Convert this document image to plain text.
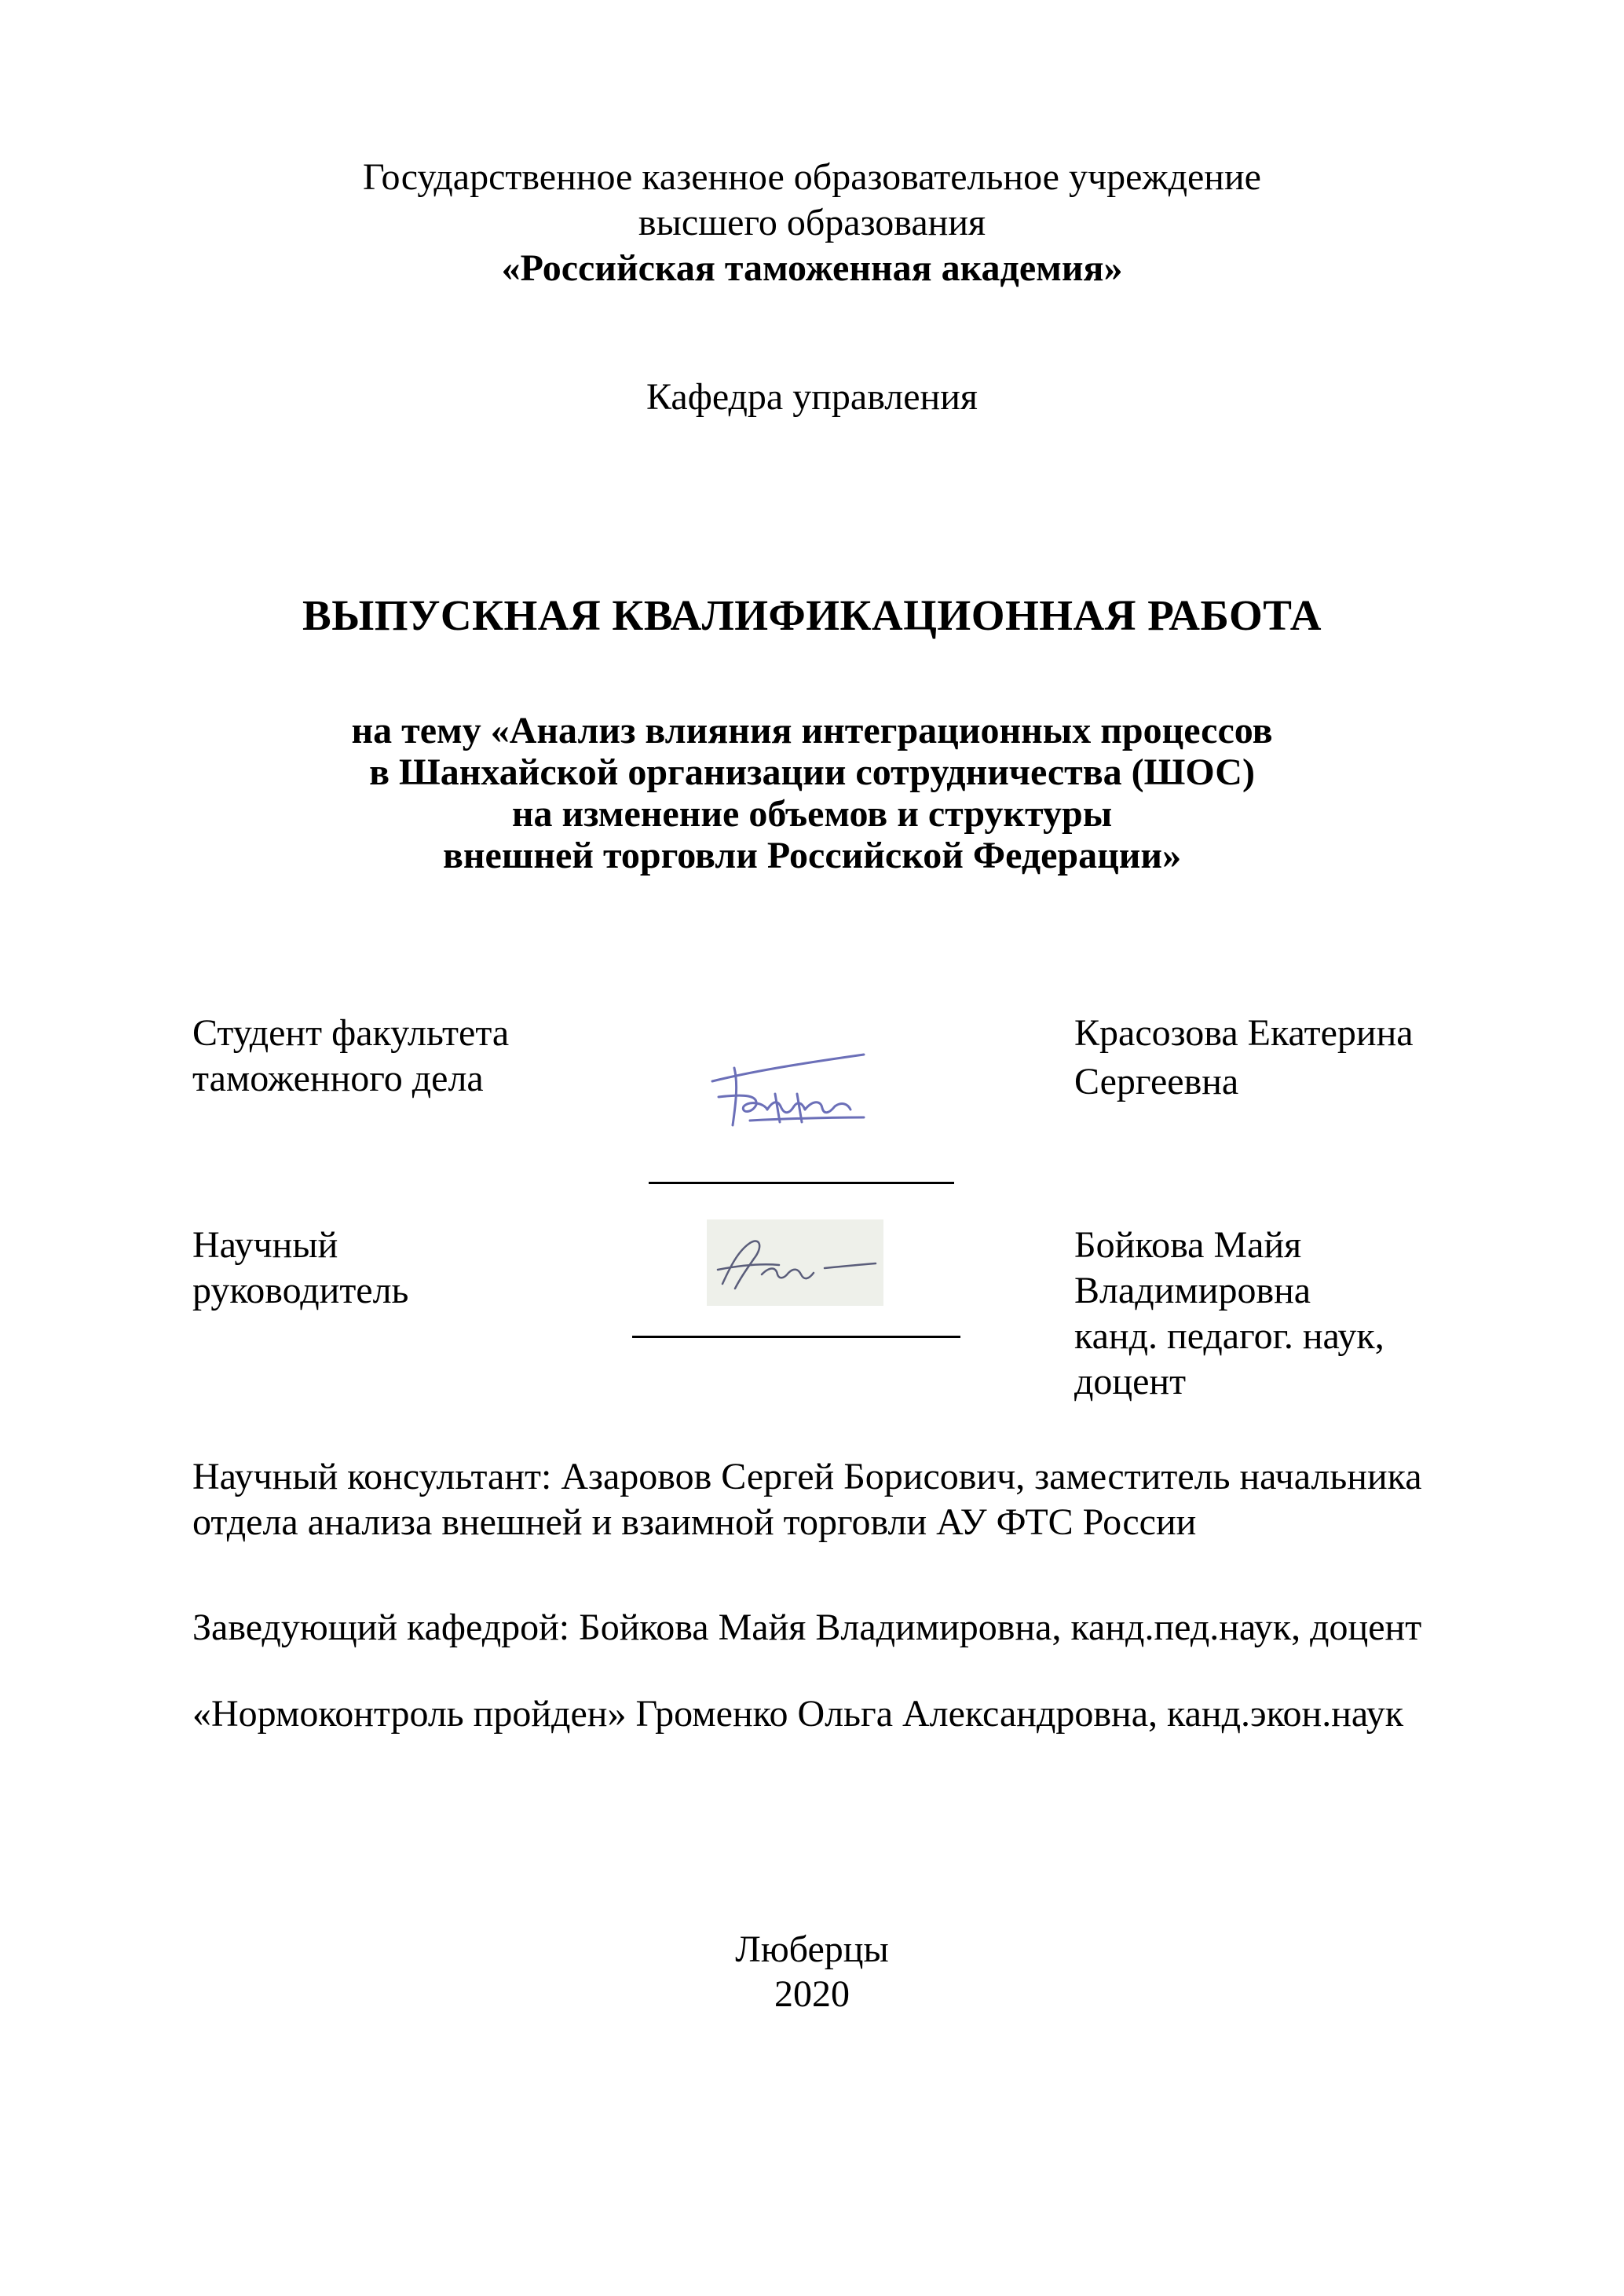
Государственное казенное образовательное учреждение
высшего образования
«Российская таможенная академия»
Кафедра управления
ВЫПУСКНАЯ КВАЛИФИКАЦИОННАЯ РАБОТА
на тему «Анализ влияния интеграционных процессов
в Шанхайской организации сотрудничества (ШОС)
на изменение объемов и структуры
внешней торговли Российской Федерации»
Студент факультета
таможенного дела
Красозова Екатерина
Сергеевна
Научный
руководитель
Бойкова Майя
Владимировна
канд. педагог. наук,
доцент
Научный консультант: Азаровов Сергей Борисович, заместитель начальника отдела анализа внешней и взаимной торговли АУ ФТС России
Заведующий кафедрой: Бойкова Майя Владимировна, канд.пед.наук, доцент
«Нормоконтроль пройден» Громенко Ольга Александровна, канд.экон.наук
Люберцы
2020
